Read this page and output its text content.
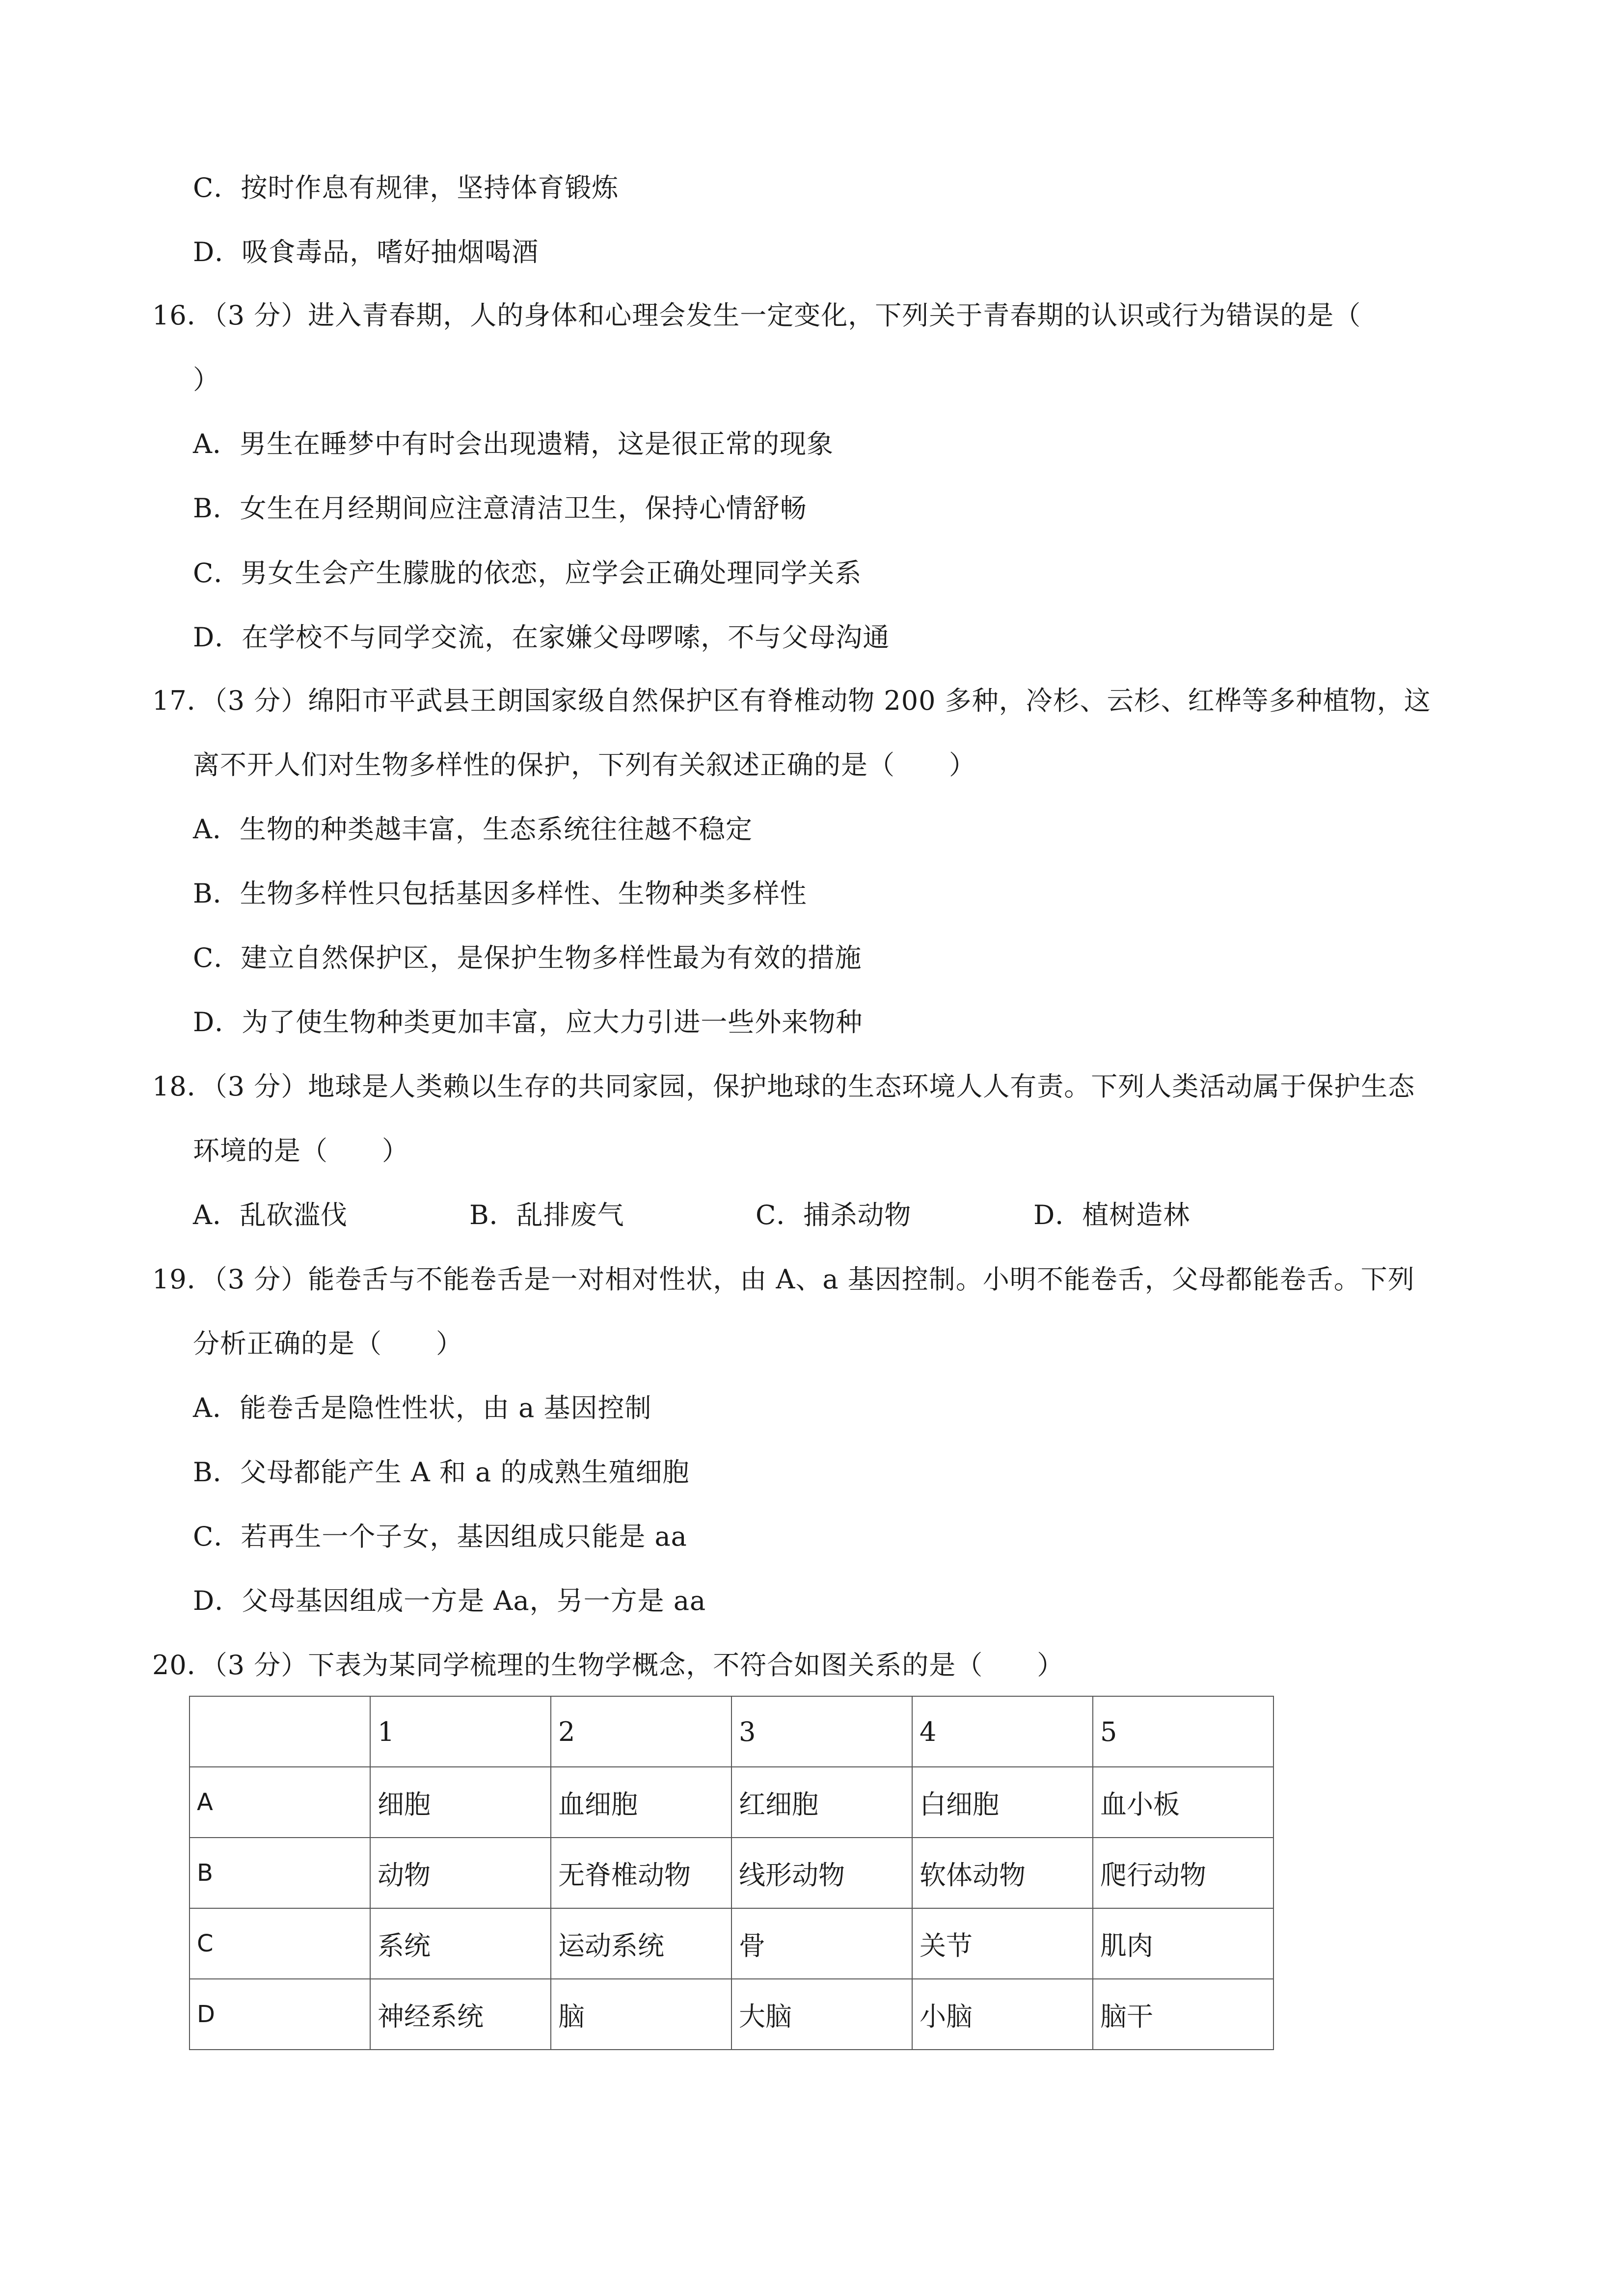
C．按时作息有规律，坚持体育锻炼
D．吸食毒品，嗜好抽烟喝酒
16．（3 分）进入青春期，人的身体和心理会发生一定变化，下列关于青春期的认识或行为错误的是（
）
A．男生在睡梦中有时会出现遗精，这是很正常的现象
B．女生在月经期间应注意清洁卫生，保持心情舒畅
C．男女生会产生朦胧的依恋，应学会正确处理同学关系
D．在学校不与同学交流，在家嫌父母啰嗦，不与父母沟通
17．（3 分）绵阳市平武县王朗国家级自然保护区有脊椎动物 200 多种，冷杉、云杉、红桦等多种植物，这
离不开人们对生物多样性的保护，下列有关叙述正确的是（　　）
A．生物的种类越丰富，生态系统往往越不稳定
B．生物多样性只包括基因多样性、生物种类多样性
C．建立自然保护区，是保护生物多样性最为有效的措施
D．为了使生物种类更加丰富，应大力引进一些外来物种
18．（3 分）地球是人类赖以生存的共同家园，保护地球的生态环境人人有责。下列人类活动属于保护生态
环境的是（　　）
A．乱砍滥伐	B．乱排废气	C．捕杀动物	D．植树造林
19．（3 分）能卷舌与不能卷舌是一对相对性状，由 A、a 基因控制。小明不能卷舌，父母都能卷舌。下列
分析正确的是（　　）
A．能卷舌是隐性性状，由 a 基因控制
B．父母都能产生 A 和 a 的成熟生殖细胞
C．若再生一个子女，基因组成只能是 aa
D．父母基因组成一方是 Aa，另一方是 aa
20．（3 分）下表为某同学梳理的生物学概念，不符合如图关系的是（　　）
	1	2	3	4	5
A	细胞	血细胞	红细胞	白细胞	血小板
B	动物	无脊椎动物	线形动物	软体动物	爬行动物
C	系统	运动系统	骨	关节	肌肉
D	神经系统	脑	大脑	小脑	脑干
